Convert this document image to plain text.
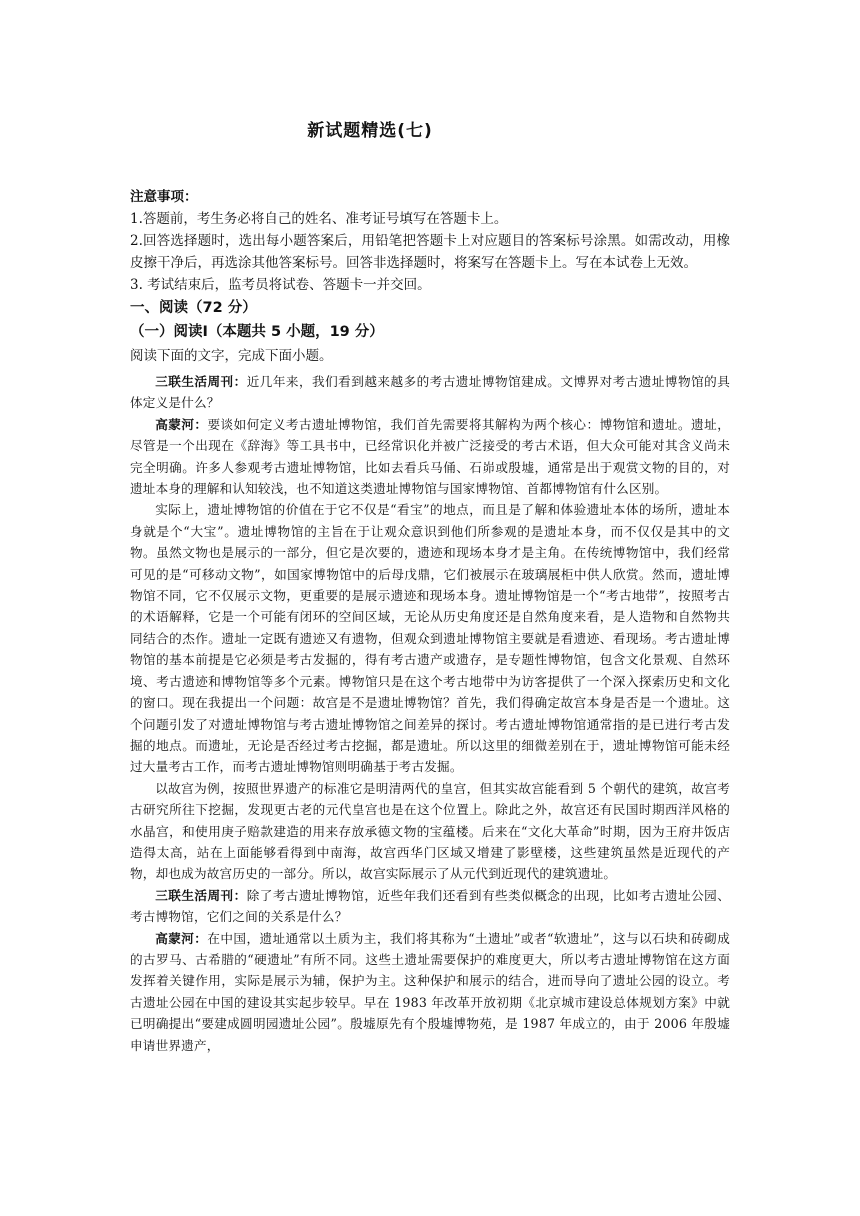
新试题精选(七)
注意事项：

1.答题前，考生务必将自己的姓名、准考证号填写在答题卡上。

2.回答选择题时，选出每小题答案后，用铅笔把答题卡上对应题目的答案标号涂黑。如需改动，用橡皮擦干净后，再选涂其他答案标号。回答非选择题时，将案写在答题卡上。写在本试卷上无效。

3. 考试结束后，监考员将试卷、答题卡一并交回。

一、阅读（72 分）
（一）阅读Ⅰ（本题共 5 小题，19 分）

阅读下面的文字，完成下面小题。

三联生活周刊：近几年来，我们看到越来越多的考古遗址博物馆建成。文博界对考古遗址博物馆的具体定义是什么？

高蒙河：要谈如何定义考古遗址博物馆，我们首先需要将其解构为两个核心：博物馆和遗址。遗址，尽管是一个出现在《辞海》等工具书中，已经常识化并被广泛接受的考古术语，但大众可能对其含义尚未完全明确。许多人参观考古遗址博物馆，比如去看兵马俑、石峁或殷墟，通常是出于观赏文物的目的，对遗址本身的理解和认知较浅，也不知道这类遗址博物馆与国家博物馆、首都博物馆有什么区别。

实际上，遗址博物馆的价值在于它不仅是“看宝”的地点，而且是了解和体验遗址本体的场所，遗址本身就是个“大宝”。遗址博物馆的主旨在于让观众意识到他们所参观的是遗址本身，而不仅仅是其中的文物。虽然文物也是展示的一部分，但它是次要的，遗迹和现场本身才是主角。在传统博物馆中，我们经常可见的是“可移动文物”，如国家博物馆中的后母戊鼎，它们被展示在玻璃展柜中供人欣赏。然而，遗址博物馆不同，它不仅展示文物，更重要的是展示遗迹和现场本身。遗址博物馆是一个“考古地带”，按照考古的术语解释，它是一个可能有闭环的空间区域，无论从历史角度还是自然角度来看，是人造物和自然物共同结合的杰作。遗址一定既有遗迹又有遗物，但观众到遗址博物馆主要就是看遗迹、看现场。考古遗址博物馆的基本前提是它必须是考古发掘的，得有考古遗产或遗存，是专题性博物馆，包含文化景观、自然环境、考古遗迹和博物馆等多个元素。博物馆只是在这个考古地带中为访客提供了一个深入探索历史和文化的窗口。现在我提出一个问题：故宫是不是遗址博物馆？首先，我们得确定故宫本身是否是一个遗址。这个问题引发了对遗址博物馆与考古遗址博物馆之间差异的探讨。考古遗址博物馆通常指的是已进行考古发掘的地点。而遗址，无论是否经过考古挖掘，都是遗址。所以这里的细微差别在于，遗址博物馆可能未经过大量考古工作，而考古遗址博物馆则明确基于考古发掘。

以故宫为例，按照世界遗产的标准它是明清两代的皇宫，但其实故宫能看到 5 个朝代的建筑，故宫考古研究所往下挖掘，发现更古老的元代皇宫也是在这个位置上。除此之外，故宫还有民国时期西洋风格的水晶宫，和使用庚子赔款建造的用来存放承德文物的宝蕴楼。后来在“文化大革命”时期，因为王府井饭店造得太高，站在上面能够看得到中南海，故宫西华门区域又增建了影壁楼，这些建筑虽然是近现代的产物，却也成为故宫历史的一部分。所以，故宫实际展示了从元代到近现代的建筑遗址。

三联生活周刊：除了考古遗址博物馆，近些年我们还看到有些类似概念的出现，比如考古遗址公园、考古博物馆，它们之间的关系是什么？

高蒙河：在中国，遗址通常以土质为主，我们将其称为“土遗址”或者“软遗址”，这与以石块和砖砌成的古罗马、古希腊的“硬遗址”有所不同。这些土遗址需要保护的难度更大，所以考古遗址博物馆在这方面发挥着关键作用，实际是展示为辅，保护为主。这种保护和展示的结合，进而导向了遗址公园的设立。考古遗址公园在中国的建设其实起步较早。早在 1983 年改革开放初期《北京城市建设总体规划方案》中就已明确提出“要建成圆明园遗址公园”。殷墟原先有个殷墟博物苑，是 1987 年成立的，由于 2006 年殷墟申请世界遗产，
